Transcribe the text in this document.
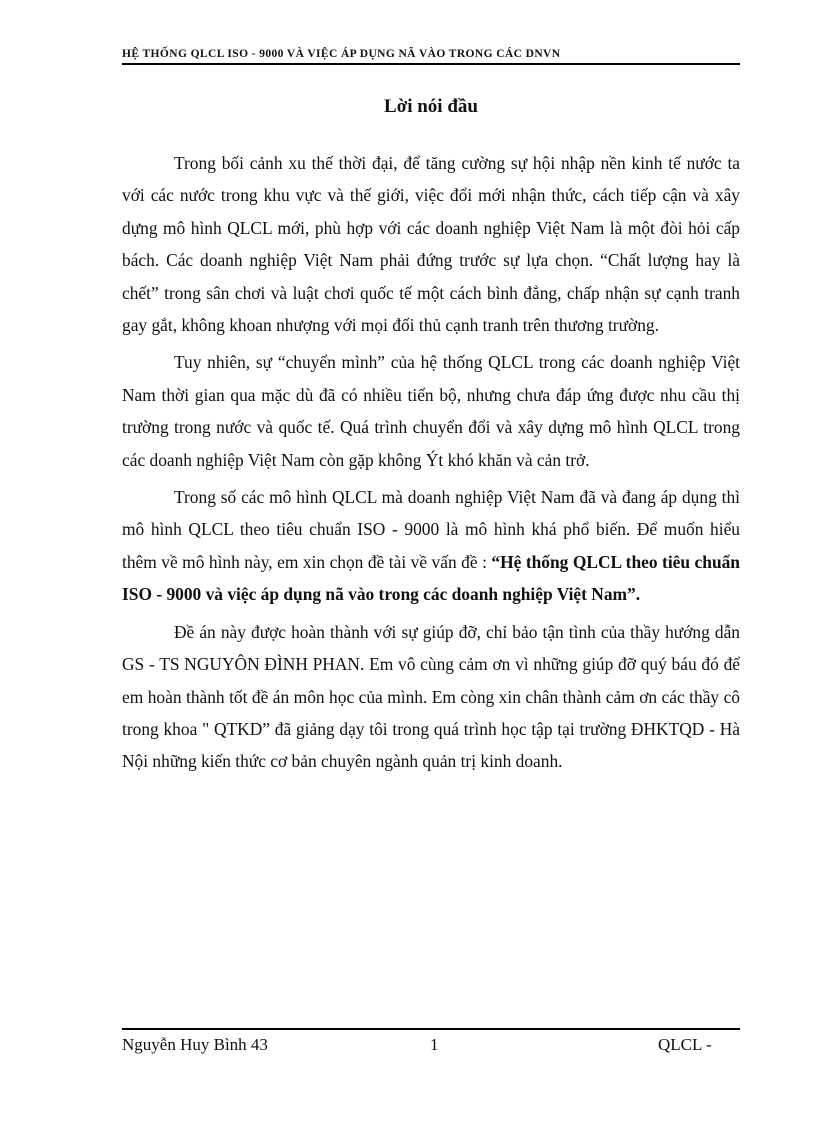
HỆ THỐNG QLCL ISO - 9000 VÀ VIỆC ÁP DỤNG NÃ VÀO TRONG CÁC DNVN
Lời nói đầu

Trong bối cảnh xu thế thời đại, để tăng cường sự hội nhập nền kinh tế nước ta với các nước trong khu vực và thế giới, việc đổi mới nhận thức, cách tiếp cận và xây dựng mô hình QLCL mới, phù hợp với các doanh nghiệp Việt Nam là một đòi hỏi cấp bách. Các doanh nghiệp Việt Nam phải đứng trước sự lựa chọn. “Chất lượng hay là chết” trong sân chơi và luật chơi quốc tế một cách bình đẳng, chấp nhận sự cạnh tranh gay gắt, không khoan nhượng với mọi đối thủ cạnh tranh trên thương trường.

Tuy nhiên, sự “chuyển mình” của hệ thống QLCL trong các doanh nghiệp Việt Nam thời gian qua mặc dù đã có nhiều tiến bộ, nhưng chưa đáp ứng được nhu cầu thị trường trong nước và quốc tế. Quá trình chuyển đổi và xây dựng mô hình QLCL trong các doanh nghiệp Việt Nam còn gặp không Ýt khó khăn và cản trở.

Trong số các mô hình QLCL mà doanh nghiệp Việt Nam đã và đang áp dụng thì mô hình QLCL theo tiêu chuẩn ISO - 9000 là mô hình khá phổ biến. Để muốn hiểu thêm về mô hình này, em xin chọn đề tài về vấn đề : “Hệ thống QLCL theo tiêu chuẩn ISO - 9000 và việc áp dụng nã vào trong các doanh nghiệp Việt Nam”.

Đề án này được hoàn thành với sự giúp đỡ, chỉ bảo tận tình của thầy hướng dẫn GS - TS NGUYÔN ĐÌNH PHAN. Em vô cùng cảm ơn vì những giúp đỡ quý báu đó để em hoàn thành tốt đề án môn học của mình. Em còng xin chân thành cảm ơn các thầy cô trong khoa " QTKD” đã giảng dạy tôi trong quá trình học tập tại trường ĐHKTQD - Hà Nội những kiến thức cơ bản chuyên ngành quản trị kinh doanh.

Nguyễn Huy Bình 43	1	QLCL -
